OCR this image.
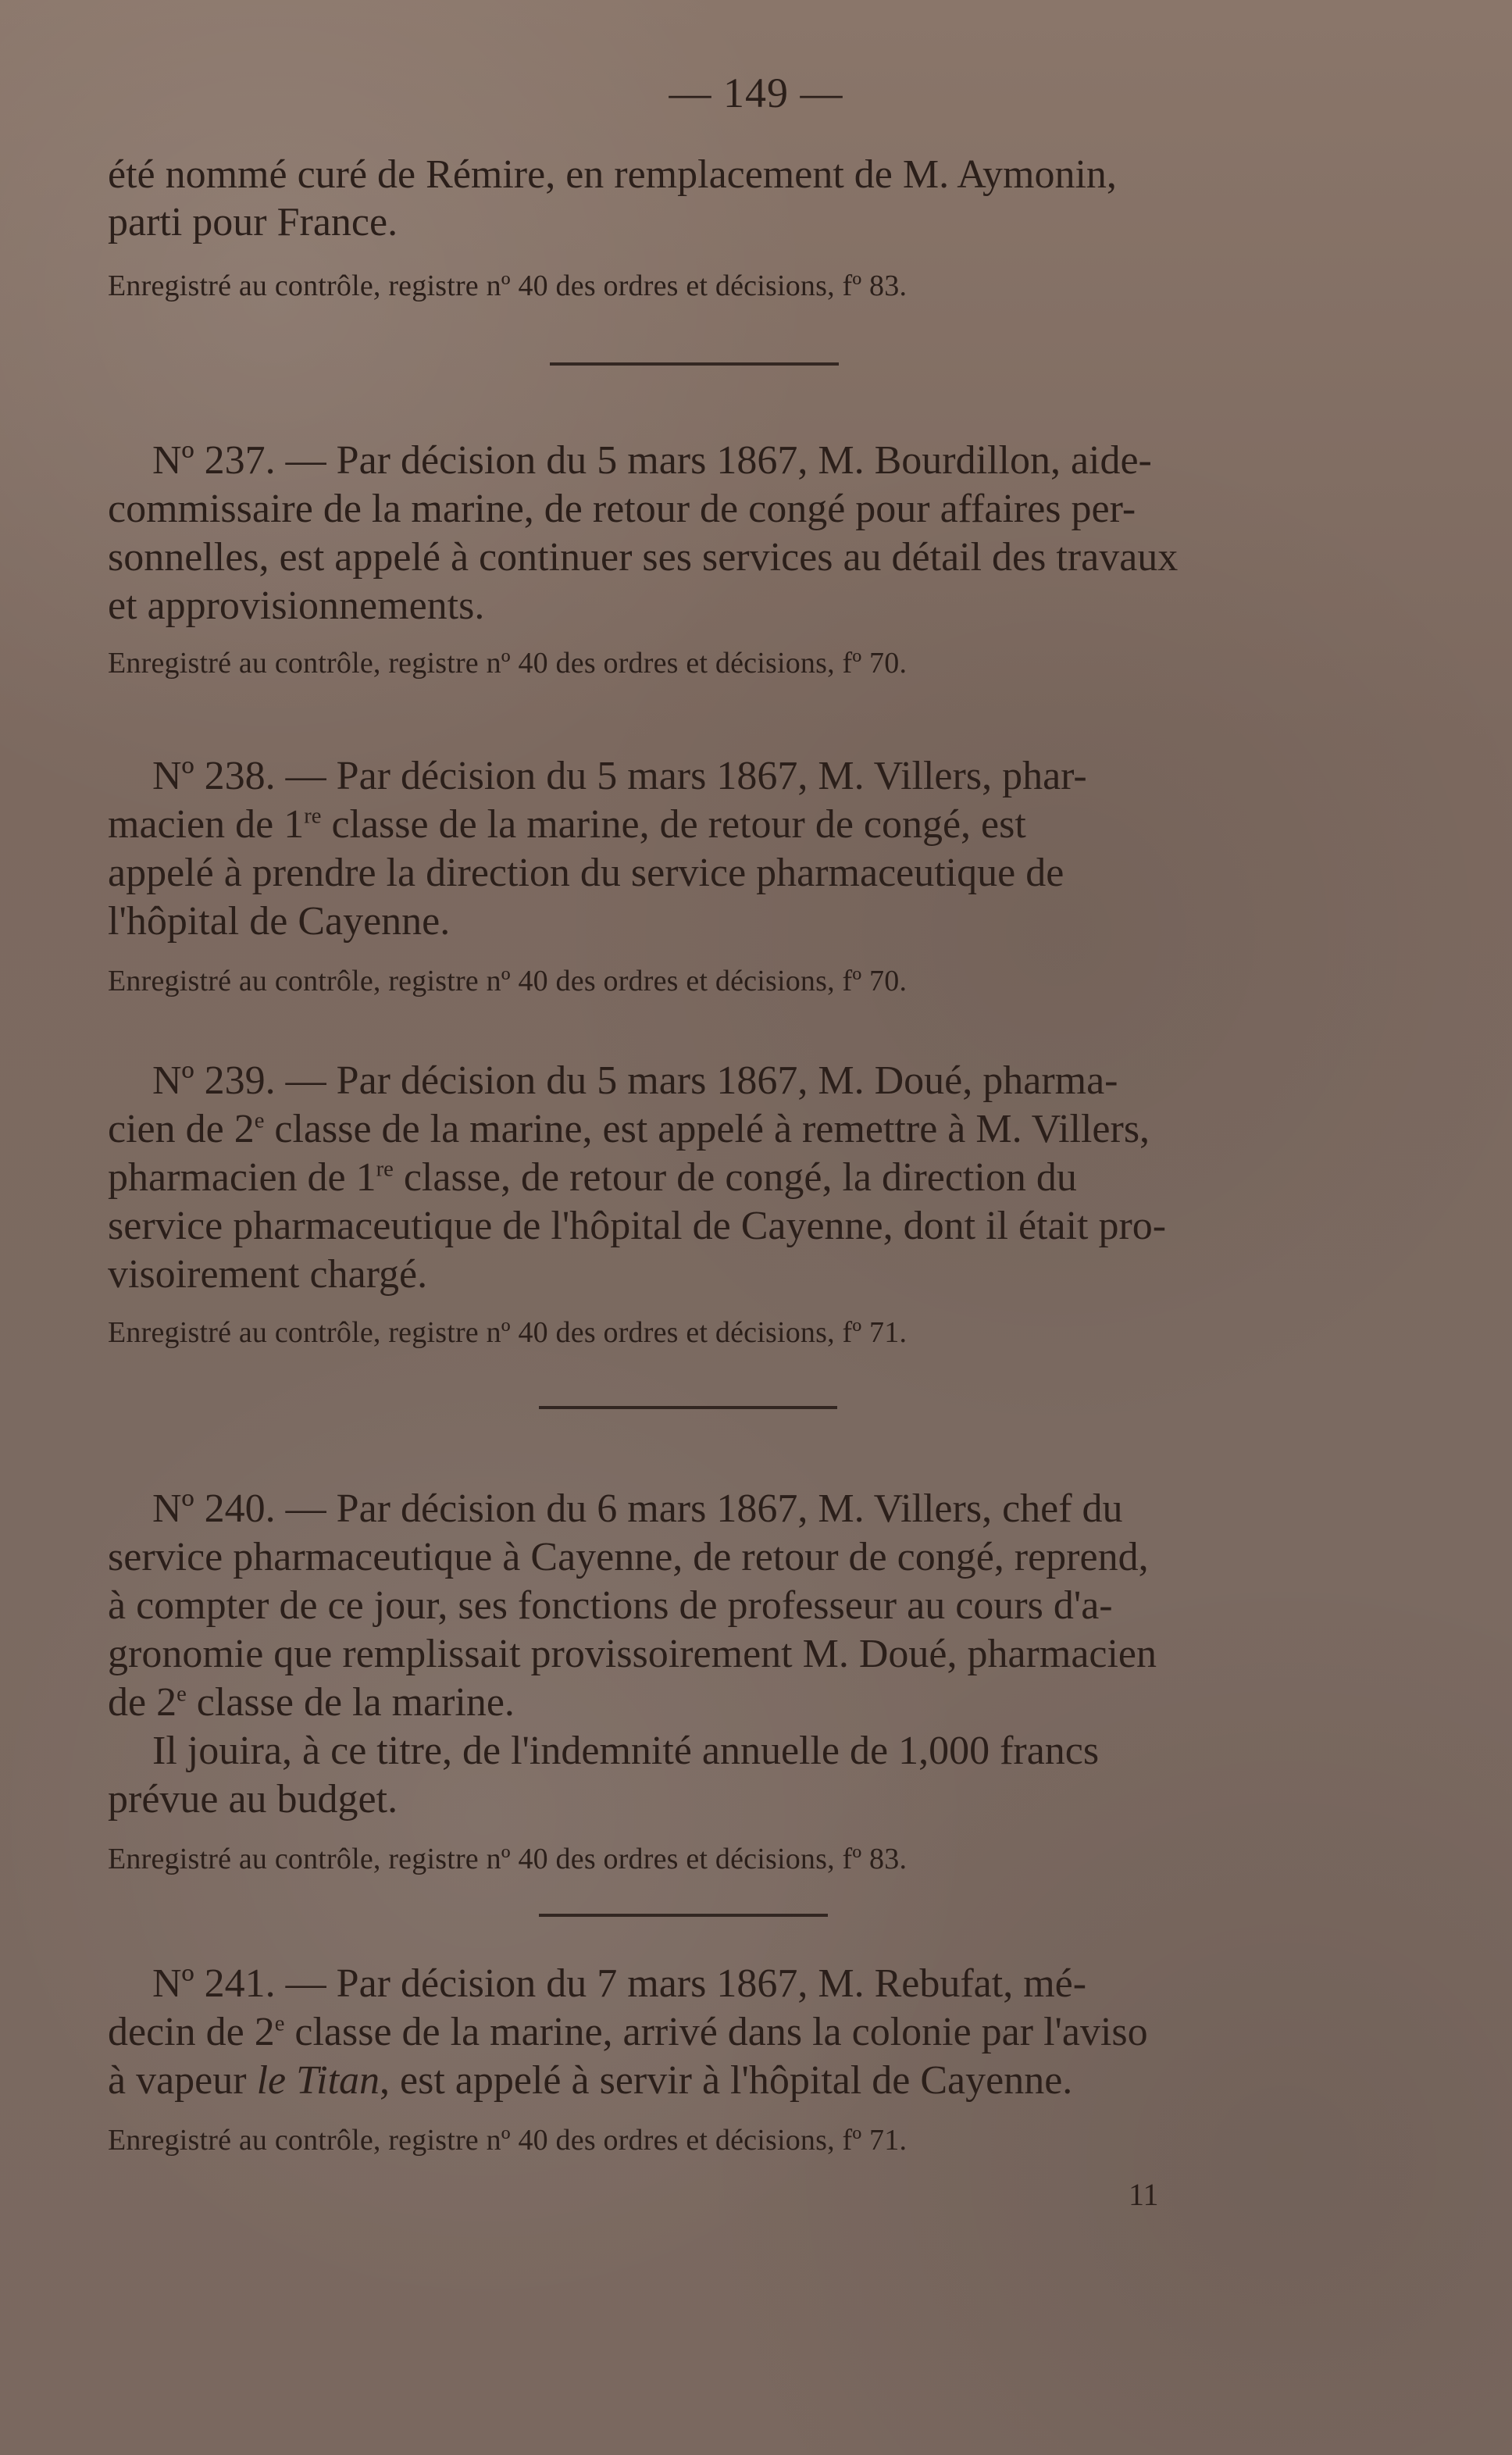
— 149 —
été nommé curé de Rémire, en remplacement de M. Aymonin,
parti pour France.
Enregistré au contrôle, registre nº 40 des ordres et décisions, fº 83.
Nº 237. — Par décision du 5 mars 1867, M. Bourdillon, aide-
commissaire de la marine, de retour de congé pour affaires per-
sonnelles, est appelé à continuer ses services au détail des travaux
et approvisionnements.
Enregistré au contrôle, registre nº 40 des ordres et décisions, fº 70.
Nº 238. — Par décision du 5 mars 1867, M. Villers, phar-
macien de 1re classe de la marine, de retour de congé, est
appelé à prendre la direction du service pharmaceutique de
l'hôpital de Cayenne.
Enregistré au contrôle, registre nº 40 des ordres et décisions, fº 70.
Nº 239. — Par décision du 5 mars 1867, M. Doué, pharma-
cien de 2e classe de la marine, est appelé à remettre à M. Villers,
pharmacien de 1re classe, de retour de congé, la direction du
service pharmaceutique de l'hôpital de Cayenne, dont il était pro-
visoirement chargé.
Enregistré au contrôle, registre nº 40 des ordres et décisions, fº 71.
Nº 240. — Par décision du 6 mars 1867, M. Villers, chef du
service pharmaceutique à Cayenne, de retour de congé, reprend,
à compter de ce jour, ses fonctions de professeur au cours d'a-
gronomie que remplissait provissoirement M. Doué, pharmacien
de 2e classe de la marine.
Il jouira, à ce titre, de l'indemnité annuelle de 1,000 francs
prévue au budget.
Enregistré au contrôle, registre nº 40 des ordres et décisions, fº 83.
Nº 241. — Par décision du 7 mars 1867, M. Rebufat, mé-
decin de 2e classe de la marine, arrivé dans la colonie par l'aviso
à vapeur le Titan, est appelé à servir à l'hôpital de Cayenne.
Enregistré au contrôle, registre nº 40 des ordres et décisions, fº 71.
11
